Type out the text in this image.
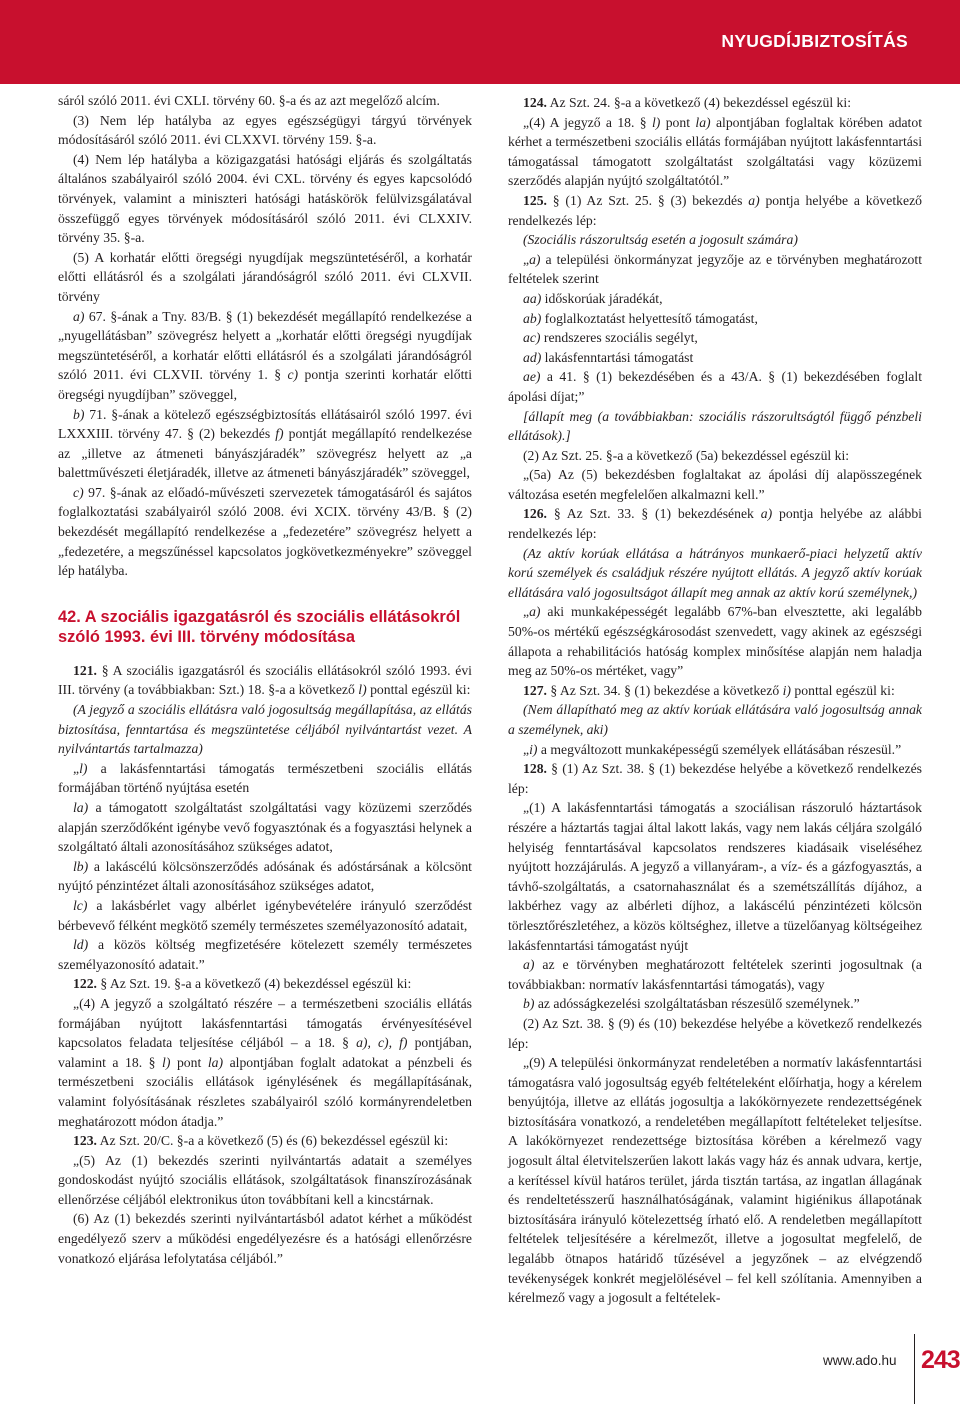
NYUGDÍJBIZTOSÍTÁS

sáról szóló 2011. évi CXLI. törvény 60. §-a és az azt megelőző alcím.

(3) Nem lép hatályba az egyes egészségügyi tárgyú törvények módosításáról szóló 2011. évi CLXXVI. törvény 159. §-a.

(4) Nem lép hatályba a közigazgatási hatósági eljárás és szolgáltatás általános szabályairól szóló 2004. évi CXL. törvény és egyes kapcsolódó törvények, valamint a miniszteri hatósági hatáskörök felülvizsgálatával összefüggő egyes törvények módosításáról szóló 2011. évi CLXXIV. törvény 35. §-a.

(5) A korhatár előtti öregségi nyugdíjak megszüntetéséről, a korhatár előtti ellátásról és a szolgálati járandóságról szóló 2011. évi CLXVII. törvény

a) 67. §-ának a Tny. 83/B. § (1) bekezdését megállapító rendelkezése a „nyugellátásban” szövegrész helyett a „korhatár előtti öregségi nyugdíjak megszüntetéséről, a korhatár előtti ellátásról és a szolgálati járandóságról szóló 2011. évi CLXVII. törvény 1. § c) pontja szerinti korhatár előtti öregségi nyugdíjban” szöveggel,

b) 71. §-ának a kötelező egészségbiztosítás ellátásairól szóló 1997. évi LXXXIII. törvény 47. § (2) bekezdés f) pontját megállapító rendelkezése az „illetve az átmeneti bányászjáradék” szövegrész helyett az „a balettművészeti életjáradék, illetve az átmeneti bányászjáradék” szöveggel,

c) 97. §-ának az előadó-művészeti szervezetek támogatásáról és sajátos foglalkoztatási szabályairól szóló 2008. évi XCIX. törvény 43/B. § (2) bekezdését megállapító rendelkezése a „fedezetére” szövegrész helyett a „fedezetére, a megszűnéssel kapcsolatos jogkövetkezményekre” szöveggel lép hatályba.

42. A szociális igazgatásról és szociális ellátásokról szóló 1993. évi III. törvény módosítása

121. § A szociális igazgatásról és szociális ellátásokról szóló 1993. évi III. törvény (a továbbiakban: Szt.) 18. §-a a következő l) ponttal egészül ki:

(A jegyző a szociális ellátásra való jogosultság megállapítása, az ellátás biztosítása, fenntartása és megszüntetése céljából nyilvántartást vezet. A nyilvántartás tartalmazza)

„l) a lakásfenntartási támogatás természetbeni szociális ellátás formájában történő nyújtása esetén

la) a támogatott szolgáltatást szolgáltatási vagy közüzemi szerződés alapján szerződőként igénybe vevő fogyasztónak és a fogyasztási helynek a szolgáltató általi azonosításához szükséges adatot,

lb) a lakáscélú kölcsönszerződés adósának és adóstársának a kölcsönt nyújtó pénzintézet általi azonosításához szükséges adatot,

lc) a lakásbérlet vagy albérlet igénybevételére irányuló szerződést bérbevevő félként megkötő személy természetes személyazonosító adatait,

ld) a közös költség megfizetésére kötelezett személy természetes személyazonosító adatait.”

122. § Az Szt. 19. §-a a következő (4) bekezdéssel egészül ki:

„(4) A jegyző a szolgáltató részére – a természetbeni szociális ellátás formájában nyújtott lakásfenntartási támogatás érvényesítésével kapcsolatos feladata teljesítése céljából – a 18. § a), c), f) pontjában, valamint a 18. § l) pont la) alpontjában foglalt adatokat a pénzbeli és természetbeni szociális ellátások igénylésének és megállapításának, valamint folyósításának részletes szabályairól szóló kormányrendeletben meghatározott módon átadja.”

123. Az Szt. 20/C. §-a a következő (5) és (6) bekezdéssel egészül ki:

„(5) Az (1) bekezdés szerinti nyilvántartás adatait a személyes gondoskodást nyújtó szociális ellátások, szolgáltatások finanszírozásának ellenőrzése céljából elektronikus úton továbbítani kell a kincstárnak.

(6) Az (1) bekezdés szerinti nyilvántartásból adatot kérhet a működést engedélyező szerv a működési engedélyezésre és a hatósági ellenőrzésre vonatkozó eljárása lefolytatása céljából.”

124. Az Szt. 24. §-a a következő (4) bekezdéssel egészül ki:

„(4) A jegyző a 18. § l) pont la) alpontjában foglaltak körében adatot kérhet a természetbeni szociális ellátás formájában nyújtott lakásfenntartási támogatással támogatott szolgáltatást szolgáltatási vagy közüzemi szerződés alapján nyújtó szolgáltatótól.”

125. § (1) Az Szt. 25. § (3) bekezdés a) pontja helyébe a következő rendelkezés lép:

(Szociális rászorultság esetén a jogosult számára)

„a) a települési önkormányzat jegyzője az e törvényben meghatározott feltételek szerint

aa) időskorúak járadékát,

ab) foglalkoztatást helyettesítő támogatást,

ac) rendszeres szociális segélyt,

ad) lakásfenntartási támogatást

ae) a 41. § (1) bekezdésében és a 43/A. § (1) bekezdésében foglalt ápolási díjat;”

[állapít meg (a továbbiakban: szociális rászorultságtól függő pénzbeli ellátások).]

(2) Az Szt. 25. §-a a következő (5a) bekezdéssel egészül ki:

„(5a) Az (5) bekezdésben foglaltakat az ápolási díj alapösszegének változása esetén megfelelően alkalmazni kell.”

126. § Az Szt. 33. § (1) bekezdésének a) pontja helyébe az alábbi rendelkezés lép:

(Az aktív korúak ellátása a hátrányos munkaerő-piaci helyzetű aktív korú személyek és családjuk részére nyújtott ellátás. A jegyző aktív korúak ellátására való jogosultságot állapít meg annak az aktív korú személynek,)

„a) aki munkaképességét legalább 67%-ban elvesztette, aki legalább 50%-os mértékű egészségkárosodást szenvedett, vagy akinek az egészségi állapota a rehabilitációs hatóság komplex minősítése alapján nem haladja meg az 50%-os mértéket, vagy”

127. § Az Szt. 34. § (1) bekezdése a következő i) ponttal egészül ki:

(Nem állapítható meg az aktív korúak ellátására való jogosultság annak a személynek, aki)

„i) a megváltozott munkaképességű személyek ellátásában részesül.”

128. § (1) Az Szt. 38. § (1) bekezdése helyébe a következő rendelkezés lép:

„(1) A lakásfenntartási támogatás a szociálisan rászoruló háztartások részére a háztartás tagjai által lakott lakás, vagy nem lakás céljára szolgáló helyiség fenntartásával kapcsolatos rendszeres kiadásaik viseléséhez nyújtott hozzájárulás. A jegyző a villanyáram-, a víz- és a gázfogyasztás, a távhő-szolgáltatás, a csatornahasználat és a szemétszállítás díjához, a lakbérhez vagy az albérleti díjhoz, a lakáscélú pénzintézeti kölcsön törlesztőrészletéhez, a közös költséghez, illetve a tüzelőanyag költségeihez lakásfenntartási támogatást nyújt

a) az e törvényben meghatározott feltételek szerinti jogosultnak (a továbbiakban: normatív lakásfenntartási támogatás), vagy

b) az adósságkezelési szolgáltatásban részesülő személynek.”

(2) Az Szt. 38. § (9) és (10) bekezdése helyébe a következő rendelkezés lép:

„(9) A települési önkormányzat rendeletében a normatív lakásfenntartási támogatásra való jogosultság egyéb feltételeként előírhatja, hogy a kérelem benyújtója, illetve az ellátás jogosultja a lakókörnyezete rendezettségének biztosítására vonatkozó, a rendeletében megállapított feltételeket teljesítse. A lakókörnyezet rendezettsége biztosítása körében a kérelmező vagy jogosult által életvitelszerűen lakott lakás vagy ház és annak udvara, kertje, a kerítéssel kívül határos terület, járda tisztán tartása, az ingatlan állagának és rendeltetésszerű használhatóságának, valamint higiénikus állapotának biztosítására irányuló kötelezettség írható elő. A rendeletben megállapított feltételek teljesítésére a kérelmezőt, illetve a jogosultat megfelelő, de legalább ötnapos határidő tűzésével a jegyzőnek – az elvégzendő tevékenységek konkrét megjelölésével – fel kell szólítania. Amennyiben a kérelmező vagy a jogosult a feltételek-

www.ado.hu 243
